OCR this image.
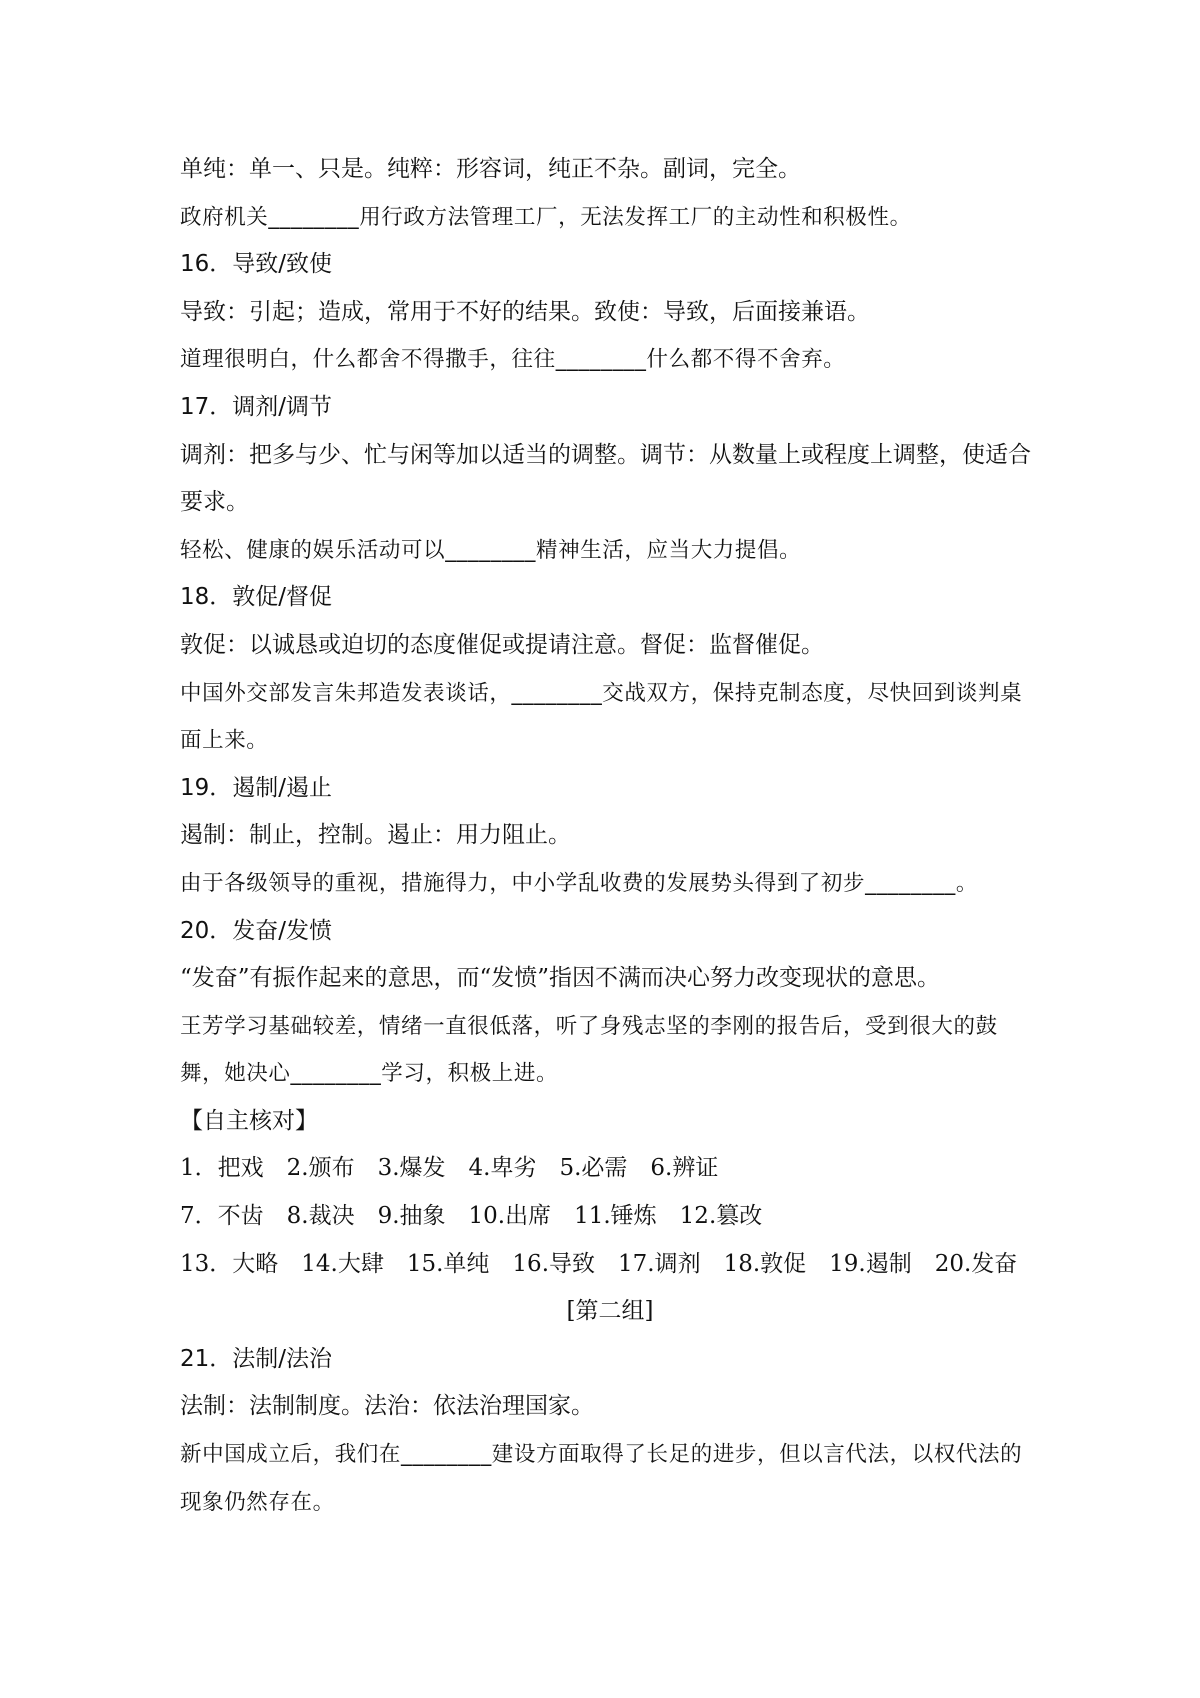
单纯：单一、只是。纯粹：形容词，纯正不杂。副词，完全。
政府机关________用行政方法管理工厂，无法发挥工厂的主动性和积极性。
16．导致/致使
导致：引起；造成，常用于不好的结果。致使：导致，后面接兼语。
道理很明白，什么都舍不得撒手，往往________什么都不得不舍弃。
17．调剂/调节
调剂：把多与少、忙与闲等加以适当的调整。调节：从数量上或程度上调整，使适合要求。
轻松、健康的娱乐活动可以________精神生活，应当大力提倡。
18．敦促/督促
敦促：以诚恳或迫切的态度催促或提请注意。督促：监督催促。
中国外交部发言朱邦造发表谈话，________交战双方，保持克制态度，尽快回到谈判桌面上来。
19．遏制/遏止
遏制：制止，控制。遏止：用力阻止。
由于各级领导的重视，措施得力，中小学乱收费的发展势头得到了初步________。
20．发奋/发愤
“发奋”有振作起来的意思，而“发愤”指因不满而决心努力改变现状的意思。
王芳学习基础较差，情绪一直很低落，听了身残志坚的李刚的报告后，受到很大的鼓舞，她决心________学习，积极上进。
【自主核对】
1．把戏　2.颁布　3.爆发　4.卑劣　5.必需　6.辨证
7．不齿　8.裁决　9.抽象　10.出席　11.锤炼　12.篡改
13．大略　14.大肆　15.单纯　16.导致　17.调剂　18.敦促　19.遏制　20.发奋
[第二组]
21．法制/法治
法制：法制制度。法治：依法治理国家。
新中国成立后，我们在________建设方面取得了长足的进步，但以言代法，以权代法的现象仍然存在。
